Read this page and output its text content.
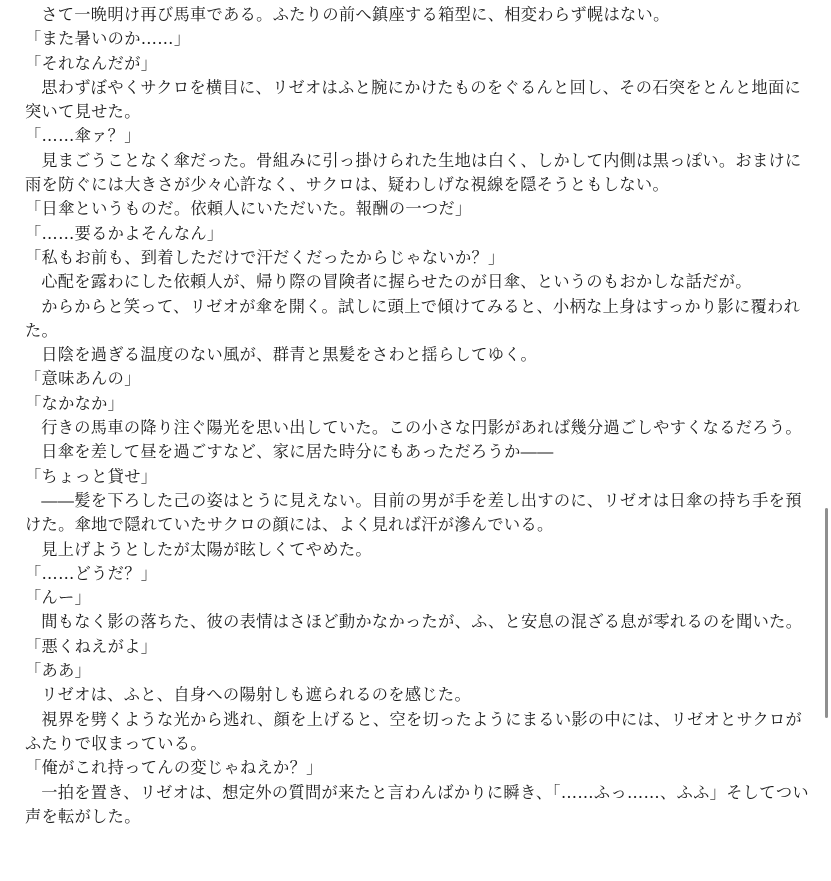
さて一晩明け再び馬車である。ふたりの前へ鎮座する箱型に、相変わらず幌はない。

「また暑いのか……」

「それなんだが」

思わずぼやくサクロを横目に、リゼオはふと腕にかけたものをぐるんと回し、その石突をとんと地面に突いて見せた。

「……傘ァ？」

見まごうことなく傘だった。骨組みに引っ掛けられた生地は白く、しかして内側は黒っぽい。おまけに雨を防ぐには大きさが少々心許なく、サクロは、疑わしげな視線を隠そうともしない。

「日傘というものだ。依頼人にいただいた。報酬の一つだ」

「……要るかよそんなん」

「私もお前も、到着しただけで汗だくだったからじゃないか？」

心配を露わにした依頼人が、帰り際の冒険者に握らせたのが日傘、というのもおかしな話だが。

からからと笑って、リゼオが傘を開く。試しに頭上で傾けてみると、小柄な上身はすっかり影に覆われた。

日陰を過ぎる温度のない風が、群青と黒髪をさわと揺らしてゆく。

「意味あんの」

「なかなか」

行きの馬車の降り注ぐ陽光を思い出していた。この小さな円影があれば幾分過ごしやすくなるだろう。

日傘を差して昼を過ごすなど、家に居た時分にもあっただろうか――

「ちょっと貸せ」

――髪を下ろした己の姿はとうに見えない。目前の男が手を差し出すのに、リゼオは日傘の持ち手を預けた。傘地で隠れていたサクロの顔には、よく見れば汗が滲んでいる。

見上げようとしたが太陽が眩しくてやめた。

「……どうだ？」

「んー」

間もなく影の落ちた、彼の表情はさほど動かなかったが、ふ、と安息の混ざる息が零れるのを聞いた。

「悪くねえがよ」

「ああ」

リゼオは、ふと、自身への陽射しも遮られるのを感じた。

視界を劈くような光から逃れ、顔を上げると、空を切ったようにまるい影の中には、リゼオとサクロがふたりで収まっている。

「俺がこれ持ってんの変じゃねえか？」

一拍を置き、リゼオは、想定外の質問が来たと言わんばかりに瞬き、「……ふっ……、ふふ」そしてつい声を転がした。
